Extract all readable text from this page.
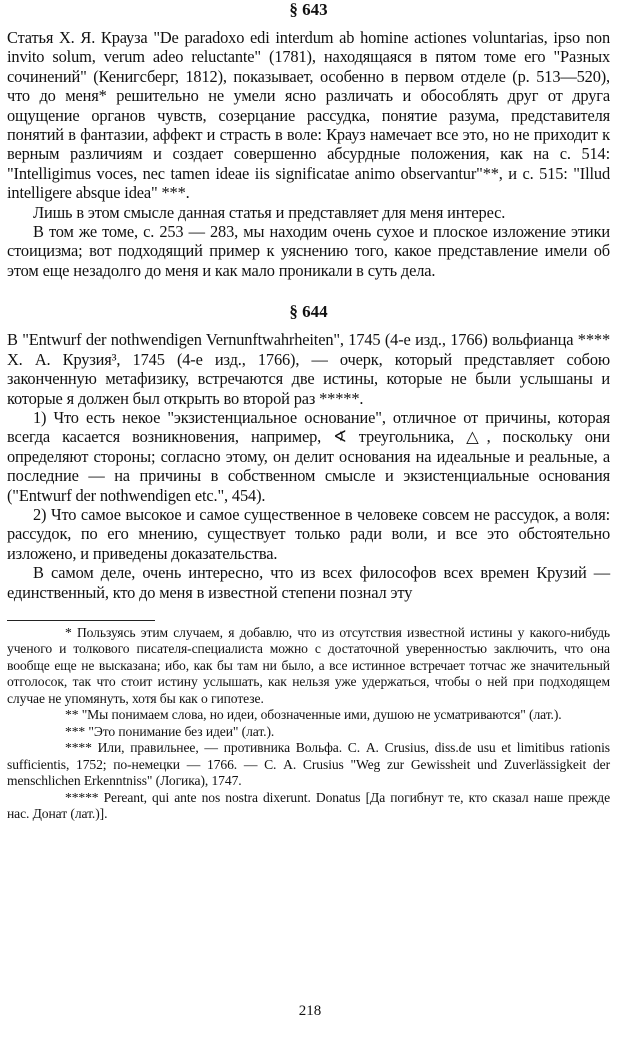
§ 643

Статья X. Я. Крауза "De paradoxo edi interdum ab homine actiones voluntarias, ipso non invito solum, verum adeo reluctante" (1781), находящаяся в пятом томе его "Разных сочинений" (Кенигсберг, 1812), показывает, особенно в первом отделе (р. 513—520), что до меня* решительно не умели ясно различать и обособлять друг от друга ощущение органов чувств, созерцание рассудка, понятие разума, представителя понятий в фантазии, аффект и страсть в воле: Крауз намечает все это, но не приходит к верным различиям и создает совершенно абсурдные положения, как на с. 514: "Intelligimus voces, nec tamen ideae iis significatae animo observantur"**, и с. 515: "Illud intelligere absque idea" ***.

Лишь в этом смысле данная статья и представляет для меня интерес.

В том же томе, с. 253 — 283, мы находим очень сухое и плоское изложение этики стоицизма; вот подходящий пример к уяснению того, какое представление имели об этом еще незадолго до меня и как мало проникали в суть дела.

§ 644

В "Entwurf der nothwendigen Vernunftwahrheiten", 1745 (4-е изд., 1766) вольфианца **** Х. А. Крузия³, 1745 (4-е изд., 1766), — очерк, который представляет собою законченную метафизику, встречаются две истины, которые не были услышаны и которые я должен был открыть во второй раз *****.

1) Что есть некое "экзистенциальное основание", отличное от причины, которая всегда касается возникновения, например, ∢ треугольника, △, поскольку они определяют стороны; согласно этому, он делит основания на идеальные и реальные, а последние — на причины в собственном смысле и экзистенциальные основания ("Entwurf der nothwendigen etc.", 454).

2) Что самое высокое и самое существенное в человеке совсем не рассудок, а воля: рассудок, по его мнению, существует только ради воли, и все это обстоятельно изложено, и приведены доказательства.

В самом деле, очень интересно, что из всех философов всех времен Крузий — единственный, кто до меня в известной степени познал эту

* Пользуясь этим случаем, я добавлю, что из отсутствия известной истины у какого-нибудь ученого и толкового писателя-специалиста можно с достаточной уверенностью заключить, что она вообще еще не высказана; ибо, как бы там ни было, а все истинное встречает тотчас же значительный отголосок, так что стоит истину услышать, как нельзя уже удержаться, чтобы о ней при подходящем случае не упомянуть, хотя бы как о гипотезе.

** "Мы понимаем слова, но идеи, обозначенные ими, душою не усматриваются" (лат.).

*** "Это понимание без идеи" (лат.).

**** Или, правильнее, — противника Вольфа. С. А. Crusius, diss.de usu et limitibus rationis sufficientis, 1752; по-немецки — 1766. — С. А. Crusius "Weg zur Gewissheit und Zuverlässigkeit der menschlichen Erkenntniss" (Логика), 1747.

***** Pereant, qui ante nos nostra dixerunt. Donatus [Да погибнут те, кто сказал наше прежде нас. Донат (лат.)].

218
